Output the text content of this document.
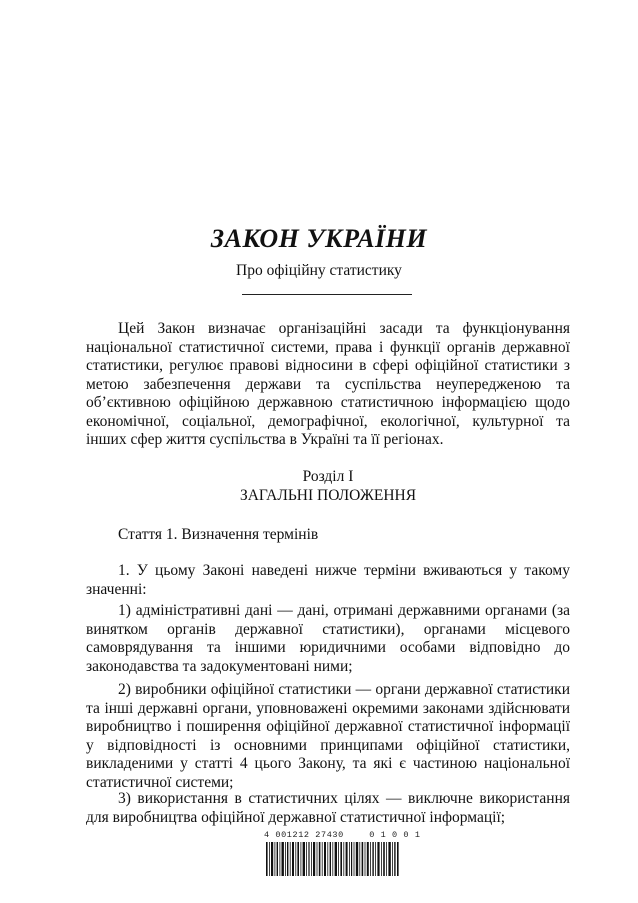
ЗАКОН УКРАЇНИ
Про офіційну статистику
Цей Закон визначає організаційні засади та функціонування національної статистичної системи, права і функції органів державної статистики, регулює правові відносини в сфері офіційної статистики з метою забезпечення держави та суспільства неупередженою та об’єктивною офіційною державною статистичною інформацією щодо економічної, соціальної, демографічної, екологічної, культурної та інших сфер життя суспільства в Україні та її регіонах.
Розділ I
ЗАГАЛЬНІ ПОЛОЖЕННЯ
Стаття 1. Визначення термінів
1. У цьому Законі наведені нижче терміни вживаються у такому значенні:
1) адміністративні дані — дані, отримані державними органами (за винятком органів державної статистики), органами місцевого самоврядування та іншими юридичними особами відповідно до законодавства та задокументовані ними;
2) виробники офіційної статистики — органи державної статистики та інші державні органи, уповноважені окремими законами здійснювати виробництво і поширення офіційної державної статистичної інформації у відповідності із основними принципами офіційної статистики, викладеними у статті 4 цього Закону, та які є частиною національної статистичної системи;
3) використання в статистичних цілях — виключне використання для виробництва офіційної державної статистичної інформації;
4 001212 27430	0 1 0 0 1
